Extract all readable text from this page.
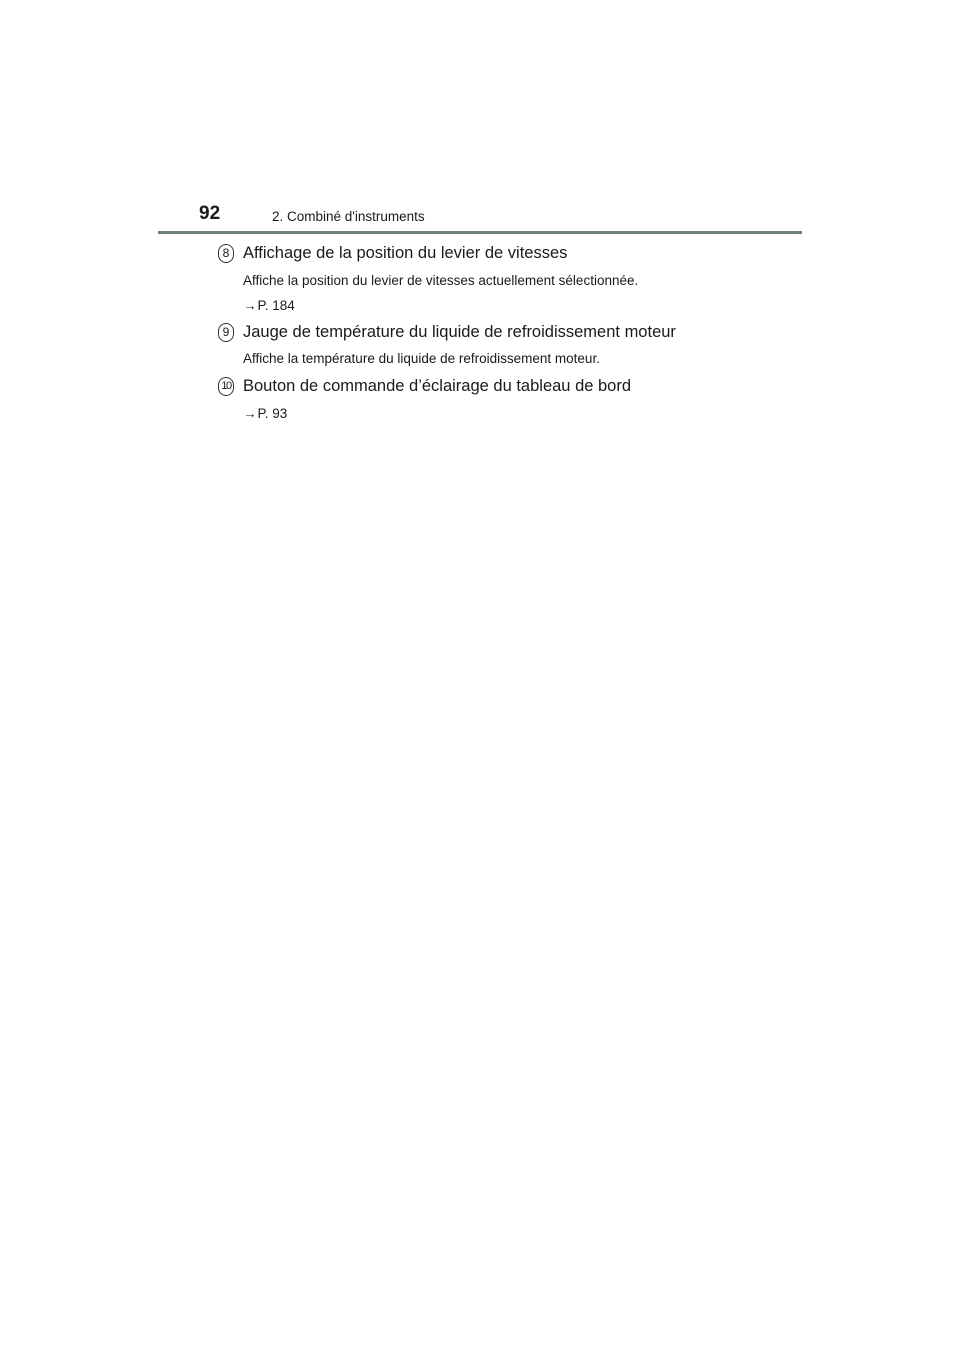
92	2. Combiné d'instruments
8 Affichage de la position du levier de vitesses
Affiche la position du levier de vitesses actuellement sélectionnée.
→P. 184
9 Jauge de température du liquide de refroidissement moteur
Affiche la température du liquide de refroidissement moteur.
10 Bouton de commande d’éclairage du tableau de bord
→P. 93
